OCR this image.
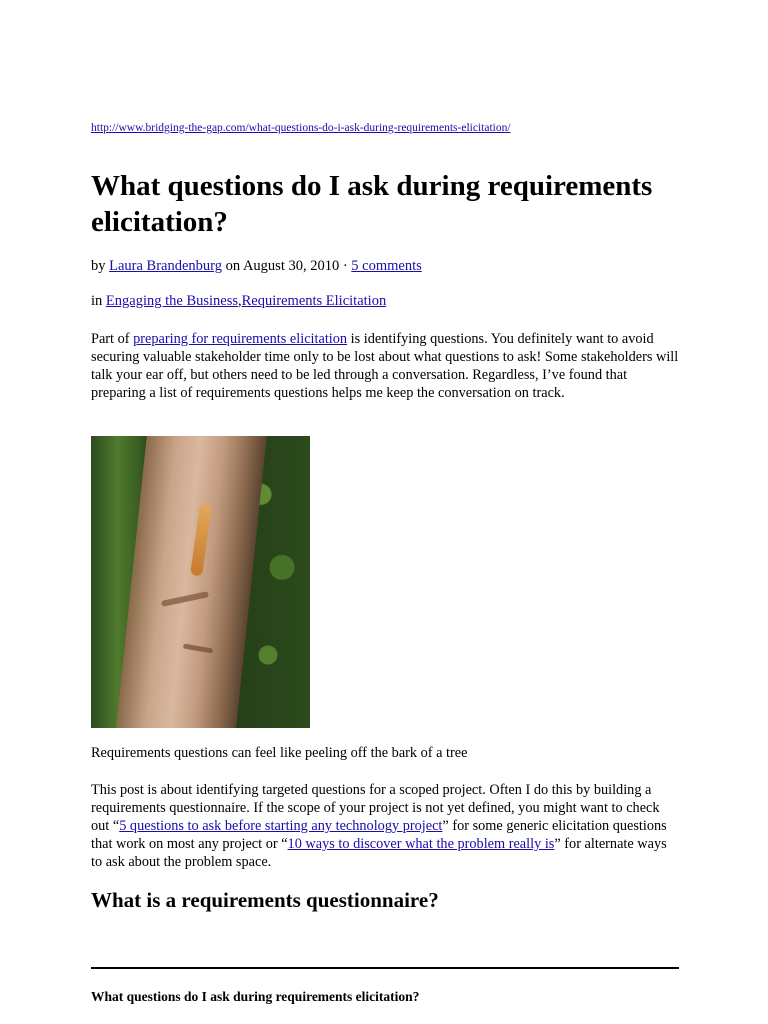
http://www.bridging-the-gap.com/what-questions-do-i-ask-during-requirements-elicitation/
What questions do I ask during requirements elicitation?
by Laura Brandenburg on August 30, 2010 · 5 comments
in Engaging the Business,Requirements Elicitation

Part of preparing for requirements elicitation is identifying questions. You definitely want to avoid securing valuable stakeholder time only to be lost about what questions to ask! Some stakeholders will talk your ear off, but others need to be led through a conversation. Regardless, I’ve found that preparing a list of requirements questions helps me keep the conversation on track.

Requirements questions can feel like peeling off the bark of a tree

This post is about identifying targeted questions for a scoped project. Often I do this by building a requirements questionnaire. If the scope of your project is not yet defined, you might want to check out “5 questions to ask before starting any technology project” for some generic elicitation questions that work on most any project or “10 ways to discover what the problem really is” for alternate ways to ask about the problem space.

What is a requirements questionnaire?
What questions do I ask during requirements elicitation?
